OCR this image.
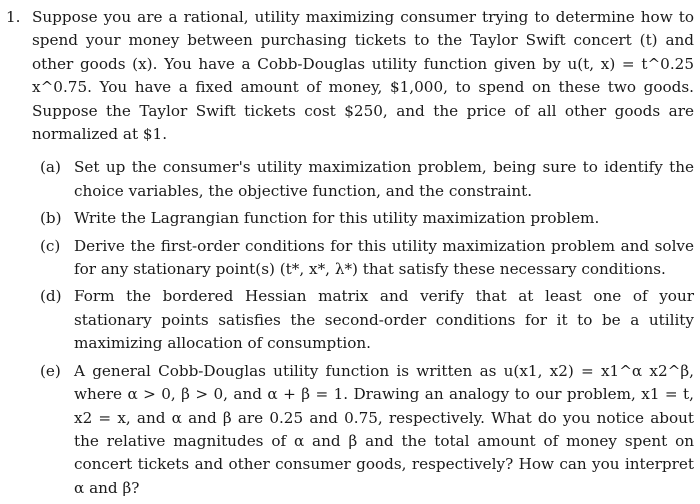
1. Suppose you are a rational, utility maximizing consumer trying to determine how to spend your money between purchasing tickets to the Taylor Swift concert (t) and other goods (x). You have a Cobb-Douglas utility function given by u(t, x) = t^0.25 x^0.75. You have a fixed amount of money, $1,000, to spend on these two goods. Suppose the Taylor Swift tickets cost $250, and the price of all other goods are normalized at $1.

(a) Set up the consumer's utility maximization problem, being sure to identify the choice variables, the objective function, and the constraint.
(b) Write the Lagrangian function for this utility maximization problem.
(c) Derive the first-order conditions for this utility maximization problem and solve for any stationary point(s) (t*, x*, λ*) that satisfy these necessary conditions.
(d) Form the bordered Hessian matrix and verify that at least one of your stationary points satisfies the second-order conditions for it to be a utility maximizing allocation of consumption.
(e) A general Cobb-Douglas utility function is written as u(x1, x2) = x1^α x2^β, where α > 0, β > 0, and α + β = 1. Drawing an analogy to our problem, x1 = t, x2 = x, and α and β are 0.25 and 0.75, respectively. What do you notice about the relative magnitudes of α and β and the total amount of money spent on concert tickets and other consumer goods, respectively? How can you interpret α and β?
